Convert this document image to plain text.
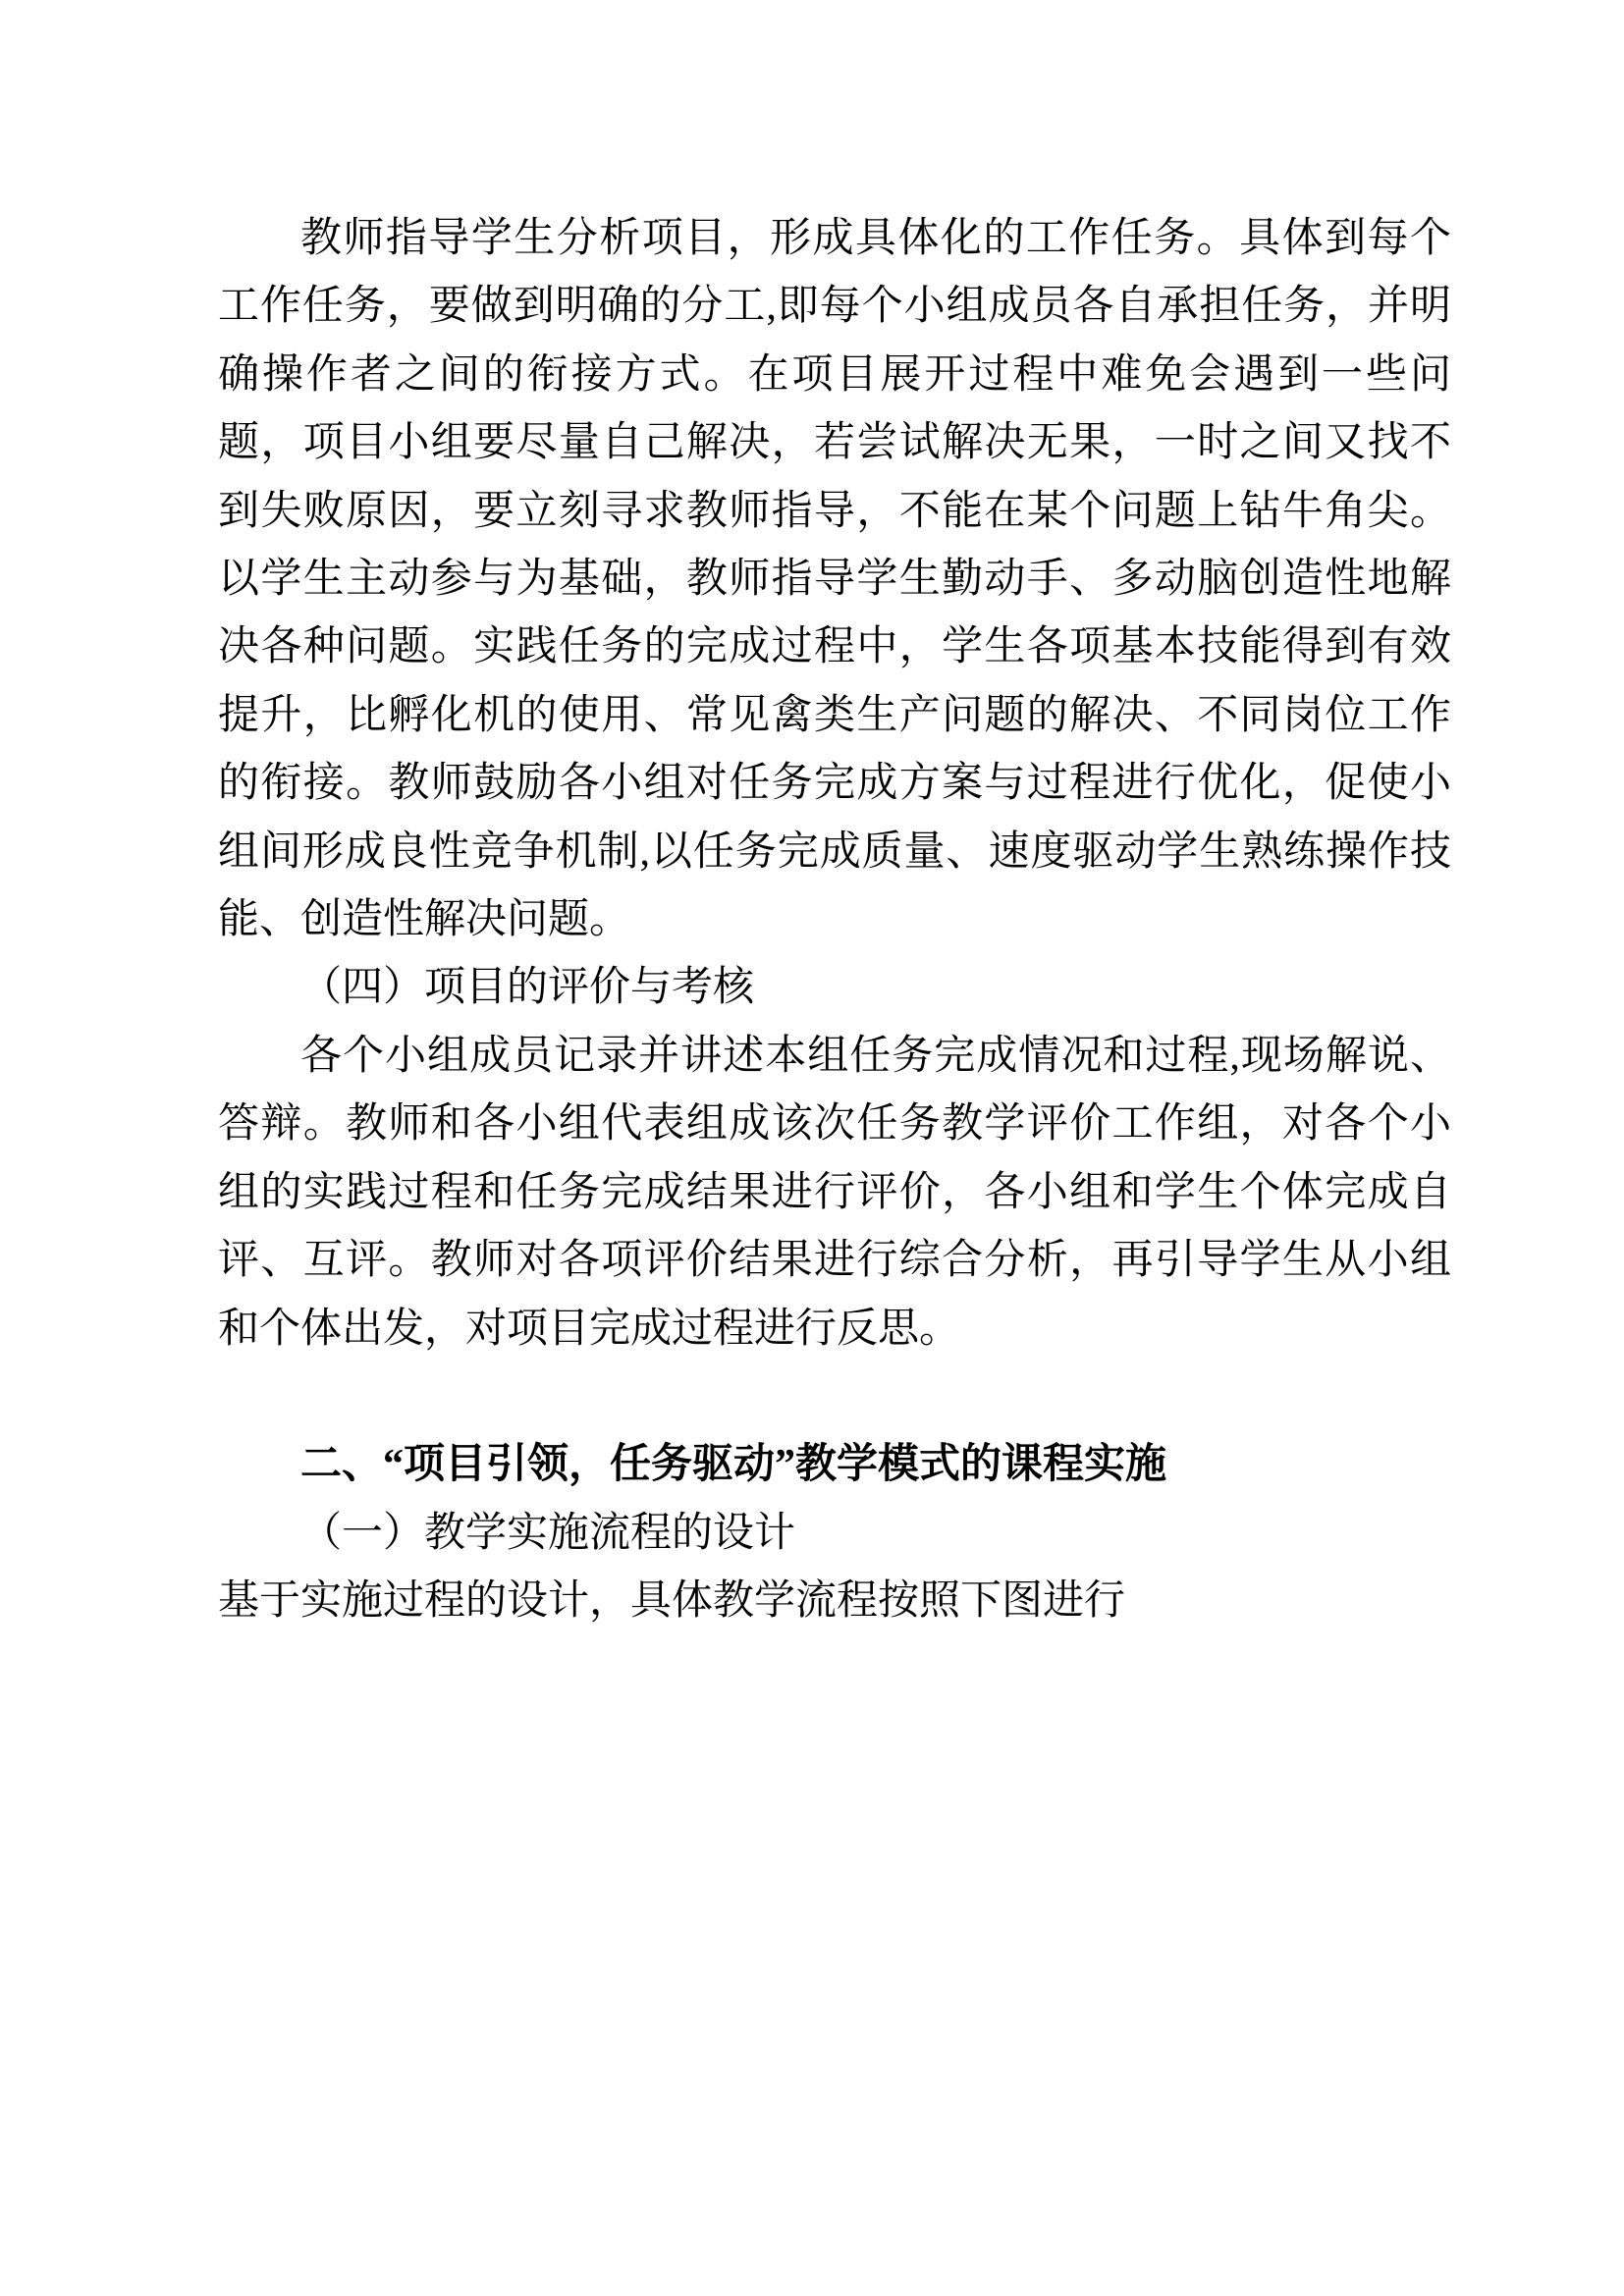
教师指导学生分析项目，形成具体化的工作任务。具体到每个工作任务，要做到明确的分工,即每个小组成员各自承担任务，并明确操作者之间的衔接方式。在项目展开过程中难免会遇到一些问题，项目小组要尽量自己解决，若尝试解决无果，一时之间又找不到失败原因，要立刻寻求教师指导，不能在某个问题上钻牛角尖。以学生主动参与为基础，教师指导学生勤动手、多动脑创造性地解决各种问题。实践任务的完成过程中，学生各项基本技能得到有效提升，比孵化机的使用、常见禽类生产问题的解决、不同岗位工作的衔接。教师鼓励各小组对任务完成方案与过程进行优化，促使小组间形成良性竞争机制,以任务完成质量、速度驱动学生熟练操作技能、创造性解决问题。

（四）项目的评价与考核

各个小组成员记录并讲述本组任务完成情况和过程,现场解说、答辩。教师和各小组代表组成该次任务教学评价工作组，对各个小组的实践过程和任务完成结果进行评价，各小组和学生个体完成自评、互评。教师对各项评价结果进行综合分析，再引导学生从小组和个体出发，对项目完成过程进行反思。

二、“项目引领，任务驱动”教学模式的课程实施

（一）教学实施流程的设计

基于实施过程的设计，具体教学流程按照下图进行
